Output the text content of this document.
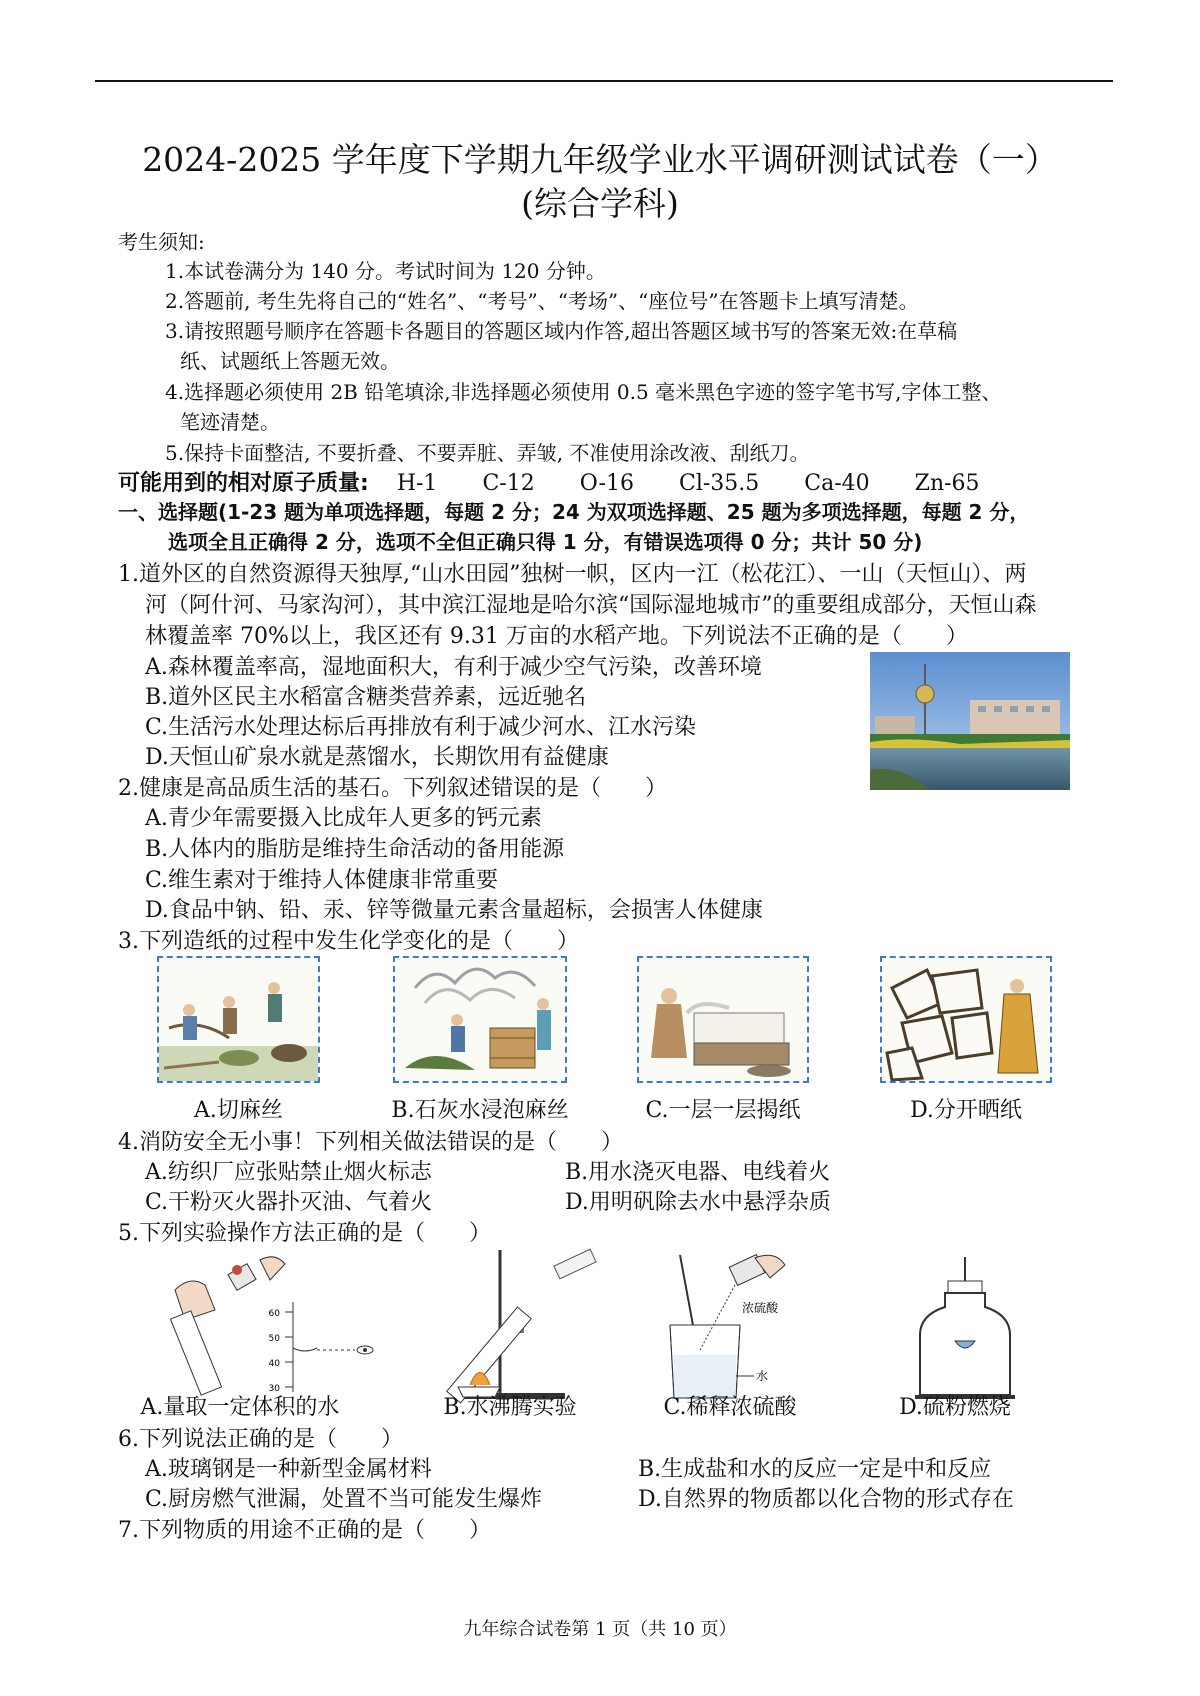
2024-2025 学年度下学期九年级学业水平调研测试试卷（一）
(综合学科)
考生须知:
1.本试卷满分为 140 分。考试时间为 120 分钟。
2.答题前, 考生先将自己的“姓名”、“考号”、“考场”、“座位号”在答题卡上填写清楚。
3.请按照题号顺序在答题卡各题目的答题区域内作答,超出答题区域书写的答案无效:在草稿
纸、试题纸上答题无效。
4.选择题必须使用 2B 铅笔填涂,非选择题必须使用 0.5 毫米黑色字迹的签字笔书写,字体工整、
笔迹清楚。
5.保持卡面整洁, 不要折叠、不要弄脏、弄皱, 不准使用涂改液、刮纸刀。
可能用到的相对原子质量: H-1 C-12 O-16 Cl-35.5 Ca-40 Zn-65
一、选择题(1-23 题为单项选择题，每题 2 分；24 为双项选择题、25 题为多项选择题，每题 2 分，
选项全且正确得 2 分，选项不全但正确只得 1 分，有错误选项得 0 分；共计 50 分)
1.道外区的自然资源得天独厚,“山水田园”独树一帜，区内一江（松花江）、一山（天恒山）、两
河（阿什河、马家沟河），其中滨江湿地是哈尔滨“国际湿地城市”的重要组成部分，天恒山森
林覆盖率 70%以上，我区还有 9.31 万亩的水稻产地。下列说法不正确的是（　　）
A.森林覆盖率高，湿地面积大，有利于减少空气污染，改善环境
B.道外区民主水稻富含糖类营养素，远近驰名
C.生活污水处理达标后再排放有利于减少河水、江水污染
D.天恒山矿泉水就是蒸馏水，长期饮用有益健康
2.健康是高品质生活的基石。下列叙述错误的是（　　）
A.青少年需要摄入比成年人更多的钙元素
B.人体内的脂肪是维持生命活动的备用能源
C.维生素对于维持人体健康非常重要
D.食品中钠、铅、汞、锌等微量元素含量超标，会损害人体健康
3.下列造纸的过程中发生化学变化的是（　　）
A.切麻丝	B.石灰水浸泡麻丝	C.一层一层揭纸	D.分开晒纸
4.消防安全无小事！下列相关做法错误的是（　　）
A.纺织厂应张贴禁止烟火标志	B.用水浇灭电器、电线着火
C.干粉灭火器扑灭油、气着火	D.用明矾除去水中悬浮杂质
5.下列实验操作方法正确的是（　　）
60
50
40
30
浓硫酸
水
A.量取一定体积的水	B.水沸腾实验	C.稀释浓硫酸	D.硫粉燃烧
6.下列说法正确的是（　　）
A.玻璃钢是一种新型金属材料	B.生成盐和水的反应一定是中和反应
C.厨房燃气泄漏，处置不当可能发生爆炸	D.自然界的物质都以化合物的形式存在
7.下列物质的用途不正确的是（　　）
九年综合试卷第 1 页（共 10 页）
